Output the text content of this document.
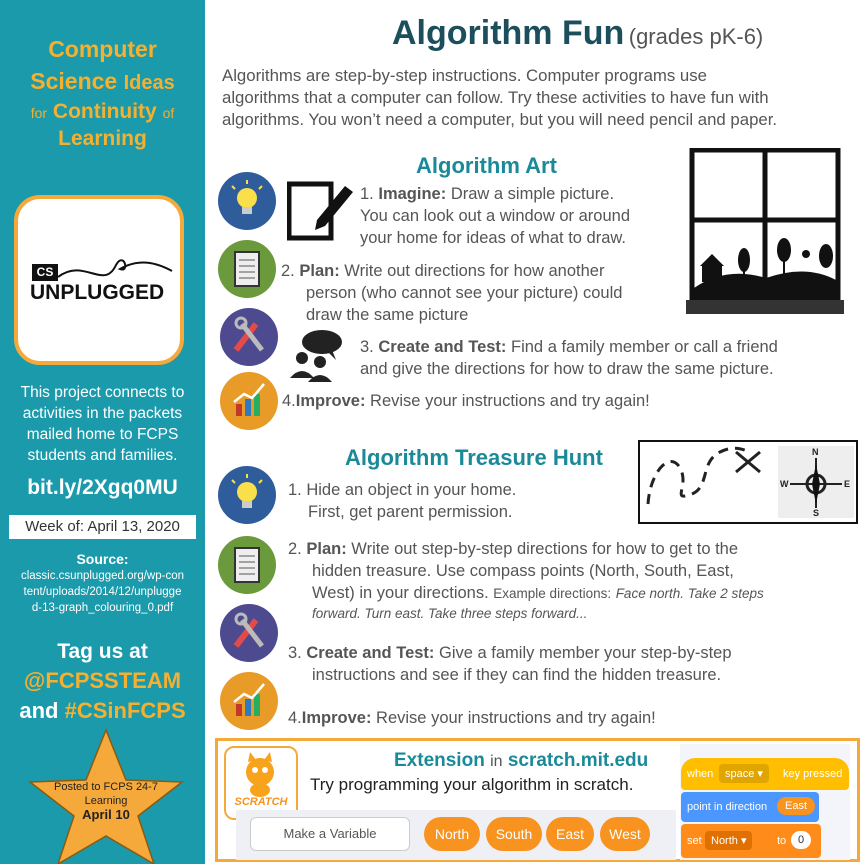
Computer
Science Ideas
for Continuity of
Learning
CS
UNPLUGGED
This project connects to
activities in the packets
mailed home to FCPS
students and families.
bit.ly/2Xgq0MU
Week of: April 13, 2020
Source:
classic.csunplugged.org/wp-con
tent/uploads/2014/12/unplugge
d-13-graph_colouring_0.pdf
Tag us at
@FCPSSTEAM
and #CSinFCPS
Posted to FCPS 24-7
Learning
April 10
Algorithm Fun (grades pK-6)
Algorithms are step-by-step instructions. Computer programs use
algorithms that a computer can follow. Try these activities to have fun with
algorithms. You won’t need a computer, but you will need pencil and paper.
Algorithm Art
1. Imagine: Draw a simple picture.
You can look out a window or around
your home for ideas of what to draw.
2. Plan: Write out directions for how another
person (who cannot see your picture) could
draw the same picture
3. Create and Test: Find a family member or call a friend
and give the directions for how to draw the same picture.
4.Improve: Revise your instructions and try again!
Algorithm Treasure Hunt
1. Hide an object in your home.
First, get parent permission.
2. Plan: Write out step-by-step directions for how to get to the
hidden treasure. Use compass points (North, South, East,
West) in your directions. Example directions: Face north. Take 2 steps
forward. Turn east. Take three steps forward...
3. Create and Test: Give a family member your step-by-step
instructions and see if they can find the hidden treasure.
4.Improve: Revise your instructions and try again!
N
S
E
W
SCRATCH
Extension in scratch.mit.edu
Try programming your algorithm in scratch.
Make a Variable	North	South	East	West
when	space ▾	key pressed
point in direction	East
set North ▾	to	0
